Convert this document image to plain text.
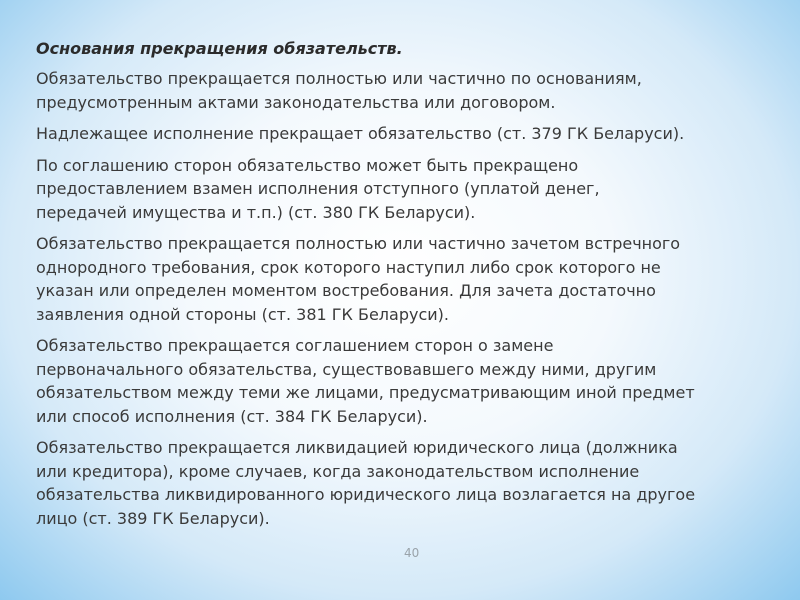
Основания прекращения обязательств.
Обязательство прекращается полностью или частично по основаниям,
предусмотренным актами законодательства или договором.
Надлежащее исполнение прекращает обязательство (ст. 379 ГК Беларуси).
По соглашению сторон обязательство может быть прекращено
предоставлением взамен исполнения отступного (уплатой денег,
передачей имущества и т.п.) (ст. 380 ГК Беларуси).
Обязательство прекращается полностью или частично зачетом встречного
однородного требования, срок которого наступил либо срок которого не
указан или определен моментом востребования. Для зачета достаточно
заявления одной стороны (ст. 381 ГК Беларуси).
Обязательство прекращается соглашением сторон о замене
первоначального обязательства, существовавшего между ними, другим
обязательством между теми же лицами, предусматривающим иной предмет
или способ исполнения (ст. 384 ГК Беларуси).
Обязательство прекращается ликвидацией юридического лица (должника
или кредитора), кроме случаев, когда законодательством исполнение
обязательства ликвидированного юридического лица возлагается на другое
лицо (ст. 389 ГК Беларуси).
40
